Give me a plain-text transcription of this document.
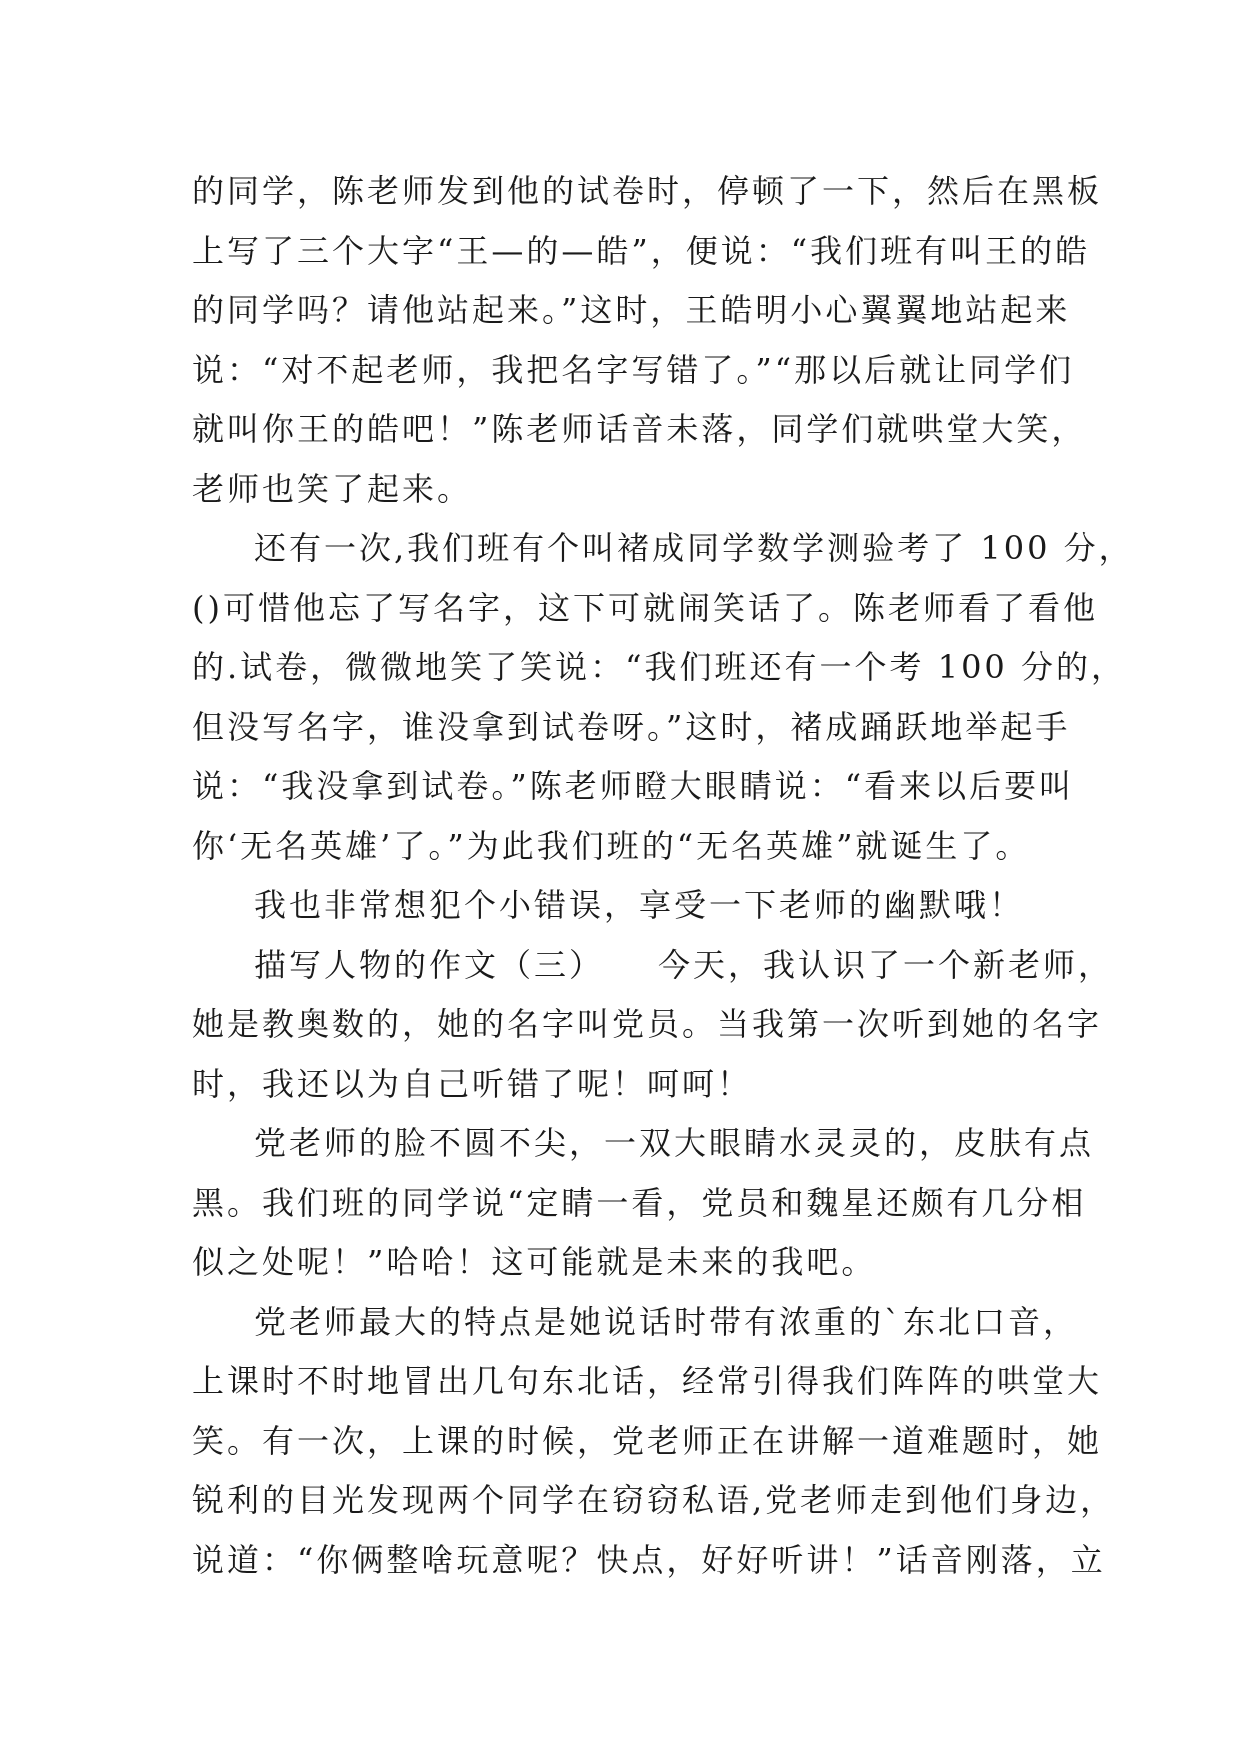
的同学，陈老师发到他的试卷时，停顿了一下，然后在黑板
上写了三个大字“王—的—皓”，便说：“我们班有叫王的皓
的同学吗？请他站起来。”这时，王皓明小心翼翼地站起来
说：“对不起老师，我把名字写错了。”“那以后就让同学们
就叫你王的皓吧！”陈老师话音未落，同学们就哄堂大笑，
老师也笑了起来。
还有一次,我们班有个叫褚成同学数学测验考了 100 分，
()可惜他忘了写名字，这下可就闹笑话了。陈老师看了看他
的.试卷，微微地笑了笑说：“我们班还有一个考 100 分的，
但没写名字，谁没拿到试卷呀。”这时，褚成踊跃地举起手
说：“我没拿到试卷。”陈老师瞪大眼睛说：“看来以后要叫
你‘无名英雄’了。”为此我们班的“无名英雄”就诞生了。
我也非常想犯个小错误，享受一下老师的幽默哦！
描写人物的作文（三）　　今天，我认识了一个新老师，
她是教奥数的，她的名字叫党员。当我第一次听到她的名字
时，我还以为自己听错了呢！呵呵！
党老师的脸不圆不尖，一双大眼睛水灵灵的，皮肤有点
黑。我们班的同学说“定睛一看，党员和魏星还颇有几分相
似之处呢！”哈哈！这可能就是未来的我吧。
党老师最大的特点是她说话时带有浓重的`东北口音，
上课时不时地冒出几句东北话，经常引得我们阵阵的哄堂大
笑。有一次，上课的时候，党老师正在讲解一道难题时，她
锐利的目光发现两个同学在窃窃私语,党老师走到他们身边，
说道：“你俩整啥玩意呢？快点，好好听讲！”话音刚落，立
